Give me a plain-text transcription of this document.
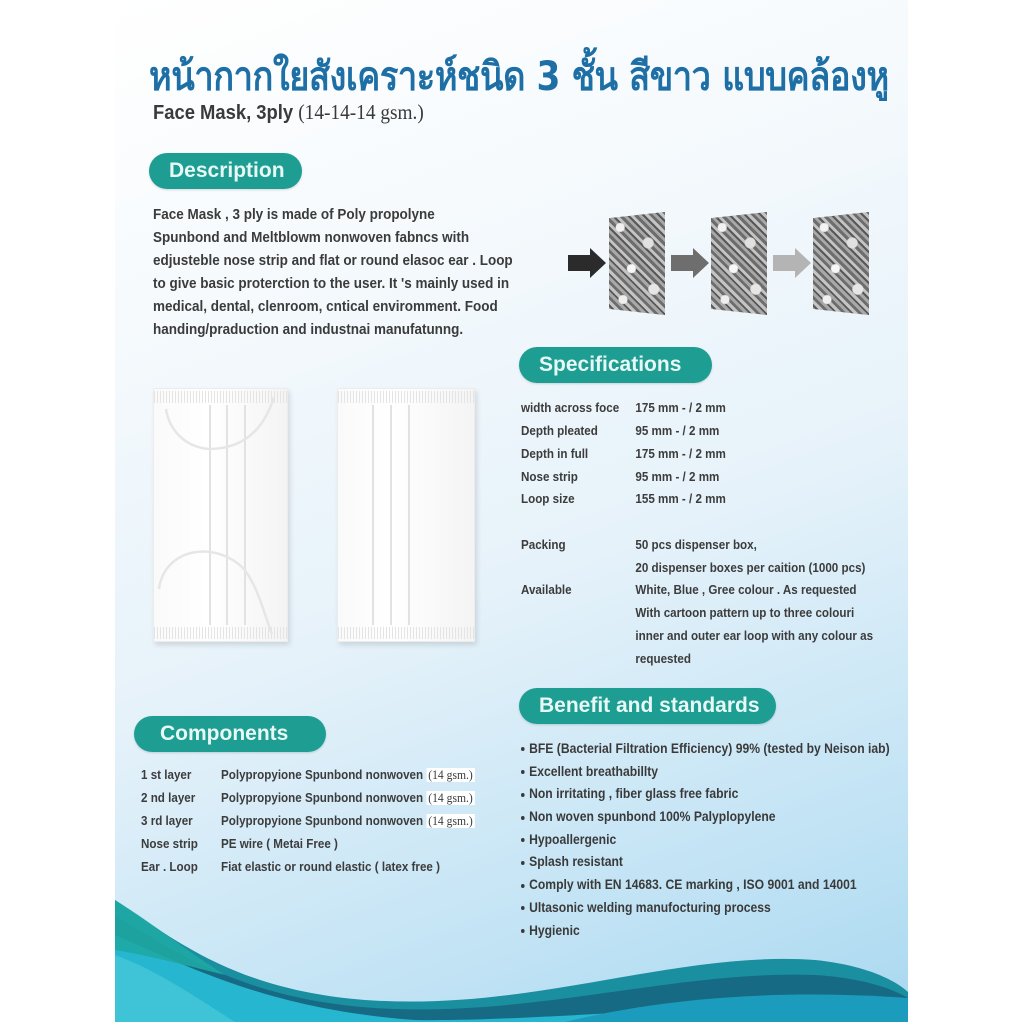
หน้ากากใยสังเคราะห์ชนิด 3 ชั้น สีขาว แบบคล้องหู
Face Mask, 3ply (14-14-14 gsm.)
Description
Face Mask , 3 ply is made of Poly propolyne
Spunbond and Meltblowm nonwoven fabncs with
edjusteble nose strip and flat or round elasoc ear . Loop
to give basic proterction to the user. It 's mainly used in
medical, dental, clenroom, cntical enviromment. Food
handing/praduction and industnai manufatunng.
Specifications
width across foce 175 mm - / 2 mm
Depth pleated	95 mm - / 2 mm
Depth in full	175 mm - / 2 mm
Nose strip	95 mm - / 2 mm
Loop size	155 mm - / 2 mm
Packing	50 pcs dispenser box,
20 dispenser boxes per caition (1000 pcs)
Available	White, Blue , Gree colour . As requested
With cartoon pattern up to three colouri
inner and outer ear loop with any colour as
requested
Components
1 st layer Polypropyione Spunbond nonwoven (14 gsm.)
2 nd layer Polypropyione Spunbond nonwoven (14 gsm.)
3 rd layer Polypropyione Spunbond nonwoven (14 gsm.)
Nose strip PE wire ( Metai Free )
Ear . Loop Fiat elastic or round elastic ( latex free )
Benefit and standards
BFE (Bacterial Filtration Efficiency) 99% (tested by Neison iab)
Excellent breathabillty
Non irritating , fiber glass free fabric
Non woven spunbond 100% Palyplopylene
Hypoallergenic
Splash resistant
Comply with EN 14683. CE marking , ISO 9001 and 14001
Ultasonic welding manufocturing process
Hygienic
